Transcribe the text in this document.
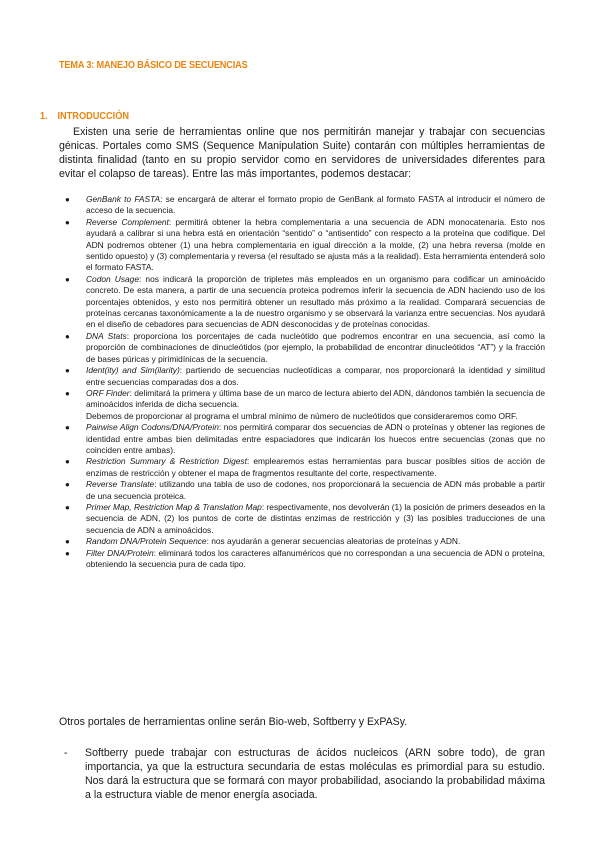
TEMA 3: MANEJO BÁSICO DE SECUENCIAS
1. INTRODUCCIÓN

Existen una serie de herramientas online que nos permitirán manejar y trabajar con secuencias génicas. Portales como SMS (Sequence Manipulation Suite) contarán con múltiples herramientas de distinta finalidad (tanto en su propio servidor como en servidores de universidades diferentes para evitar el colapso de tareas). Entre las más importantes, podemos destacar:

● GenBank to FASTA: se encargará de alterar el formato propio de GenBank al formato FASTA al introducir el número de acceso de la secuencia.
● Reverse Complement: permitirá obtener la hebra complementaria a una secuencia de ADN monocatenaria. Esto nos ayudará a calibrar si una hebra está en orientación “sentido” o “antisentido” con respecto a la proteína que codifique. Del ADN podremos obtener (1) una hebra complementaria en igual dirección a la molde, (2) una hebra reversa (molde en sentido opuesto) y (3) complementaria y reversa (el resultado se ajusta más a la realidad). Esta herramienta entenderá solo el formato FASTA.
● Codon Usage: nos indicará la proporción de tripletes más empleados en un organismo para codificar un aminoácido concreto. De esta manera, a partir de una secuencia proteica podremos inferir la secuencia de ADN haciendo uso de los porcentajes obtenidos, y esto nos permitirá obtener un resultado más próximo a la realidad. Comparará secuencias de proteínas cercanas taxonómicamente a la de nuestro organismo y se observará la varianza entre secuencias. Nos ayudará en el diseño de cebadores para secuencias de ADN desconocidas y de proteínas conocidas.
● DNA Stats: proporciona los porcentajes de cada nucleótido que podremos encontrar en una secuencia, así como la proporción de combinaciones de dinucleótidos (por ejemplo, la probabilidad de encontrar dinucleótidos “AT”) y la fracción de bases púricas y pirimidínicas de la secuencia.
● Ident(ity) and Sim(ilarity): partiendo de secuencias nucleotídicas a comparar, nos proporcionará la identidad y similitud entre secuencias comparadas dos a dos.
● ORF Finder: delimitará la primera y última base de un marco de lectura abierto del ADN, dándonos también la secuencia de aminoácidos inferida de dicha secuencia.
Debemos de proporcionar al programa el umbral mínimo de número de nucleótidos que consideraremos como ORF.
● Pairwise Align Codons/DNA/Protein: nos permitirá comparar dos secuencias de ADN o proteínas y obtener las regiones de identidad entre ambas bien delimitadas entre espaciadores que indicarán los huecos entre secuencias (zonas que no coinciden entre ambas).
● Restriction Summary & Restriction Digest: emplearemos estas herramientas para buscar posibles sitios de acción de enzimas de restricción y obtener el mapa de fragmentos resultante del corte, respectivamente.
● Reverse Translate: utilizando una tabla de uso de codones, nos proporcionará la secuencia de ADN más probable a partir de una secuencia proteica.
● Primer Map, Restriction Map & Translation Map: respectivamente, nos devolverán (1) la posición de primers deseados en la secuencia de ADN, (2) los puntos de corte de distintas enzimas de restricción y (3) las posibles traducciones de una secuencia de ADN a aminoácidos.
● Random DNA/Protein Sequence: nos ayudarán a generar secuencias aleatorias de proteínas y ADN.
● Filter DNA/Protein: eliminará todos los caracteres alfanuméricos que no correspondan a una secuencia de ADN o proteína, obteniendo la secuencia pura de cada tipo.

Otros portales de herramientas online serán Bio-web, Softberry y ExPASy.

- Softberry puede trabajar con estructuras de ácidos nucleicos (ARN sobre todo), de gran importancia, ya que la estructura secundaria de estas moléculas es primordial para su estudio. Nos dará la estructura que se formará con mayor probabilidad, asociando la probabilidad máxima a la estructura viable de menor energía asociada.
